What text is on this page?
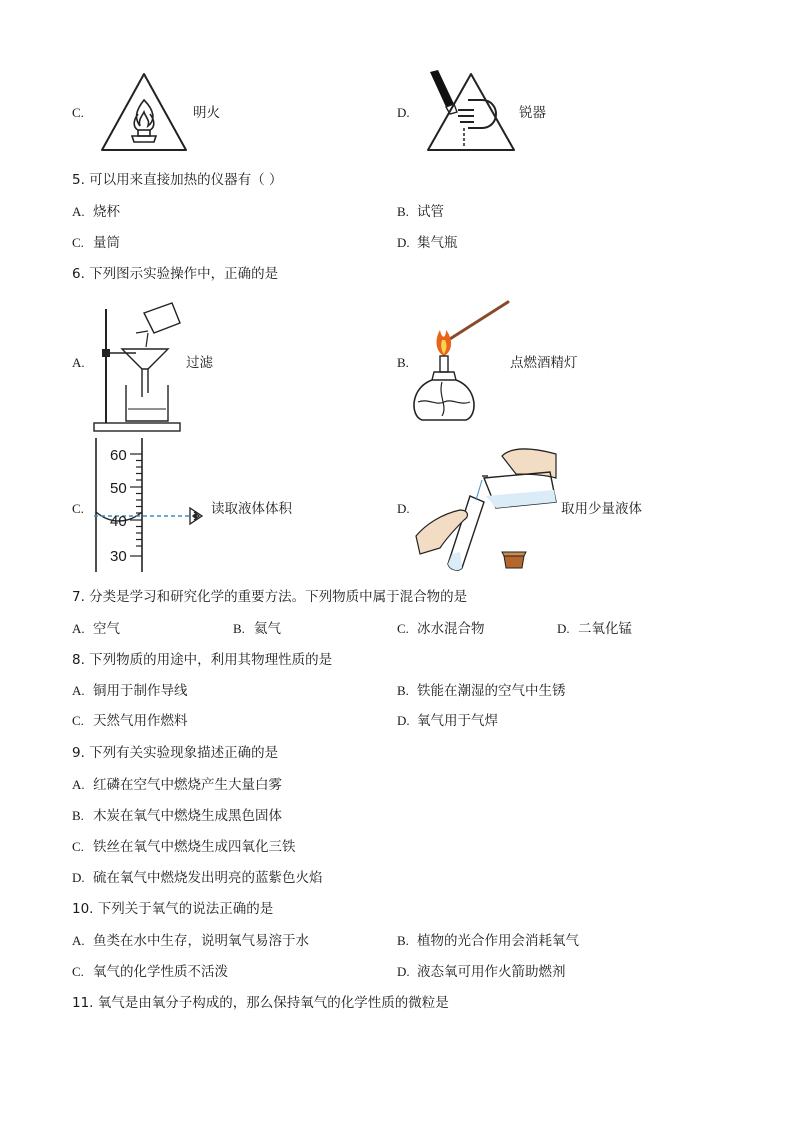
C.	明火	D.	锐器
5. 可以用来直接加热的仪器有（ ）
A. 烧杯	B. 试管
C. 量筒	D. 集气瓶
6. 下列图示实验操作中，正确的是
A.	过滤	B.	点燃酒精灯
C.
60
50
40
30
读取液体体积	D.	取用少量液体
7. 分类是学习和研究化学的重要方法。下列物质中属于混合物的是
A. 空气	B. 氦气	C. 冰水混合物	D. 二氧化锰
8. 下列物质的用途中，利用其物理性质的是
A. 铜用于制作导线	B. 铁能在潮湿的空气中生锈
C. 天然气用作燃料	D. 氧气用于气焊
9. 下列有关实验现象描述正确的是
A. 红磷在空气中燃烧产生大量白雾
B. 木炭在氧气中燃烧生成黑色固体
C. 铁丝在氧气中燃烧生成四氧化三铁
D. 硫在氧气中燃烧发出明亮的蓝紫色火焰
10. 下列关于氧气的说法正确的是
A. 鱼类在水中生存，说明氧气易溶于水	B. 植物的光合作用会消耗氧气
C. 氧气的化学性质不活泼	D. 液态氧可用作火箭助燃剂
11. 氧气是由氧分子构成的，那么保持氧气的化学性质的微粒是
